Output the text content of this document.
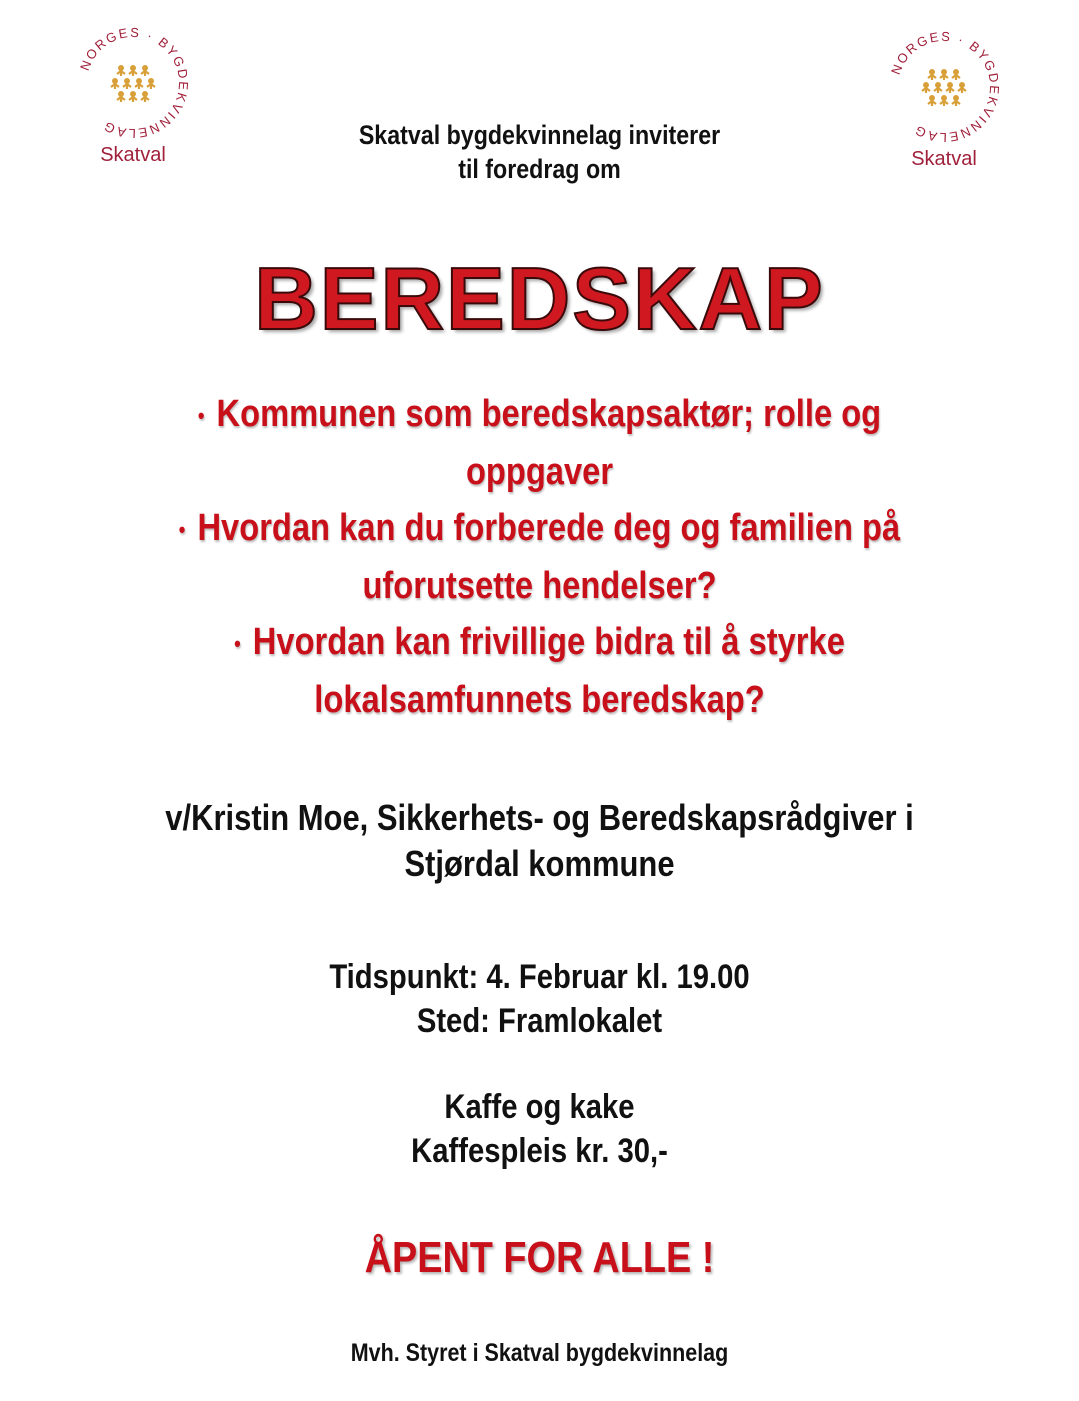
NORGES · BYGDEKVINNELAG
Skatval
NORGES · BYGDEKVINNELAG
Skatval
Skatval bygdekvinnelag inviterer
til foredrag om
BEREDSKAP
• Kommunen som beredskapsaktør; rolle og
oppgaver
• Hvordan kan du forberede deg og familien på
uforutsette hendelser?
• Hvordan kan frivillige bidra til å styrke
lokalsamfunnets beredskap?
v/Kristin Moe, Sikkerhets- og Beredskapsrådgiver i
Stjørdal kommune
Tidspunkt: 4. Februar kl. 19.00
Sted: Framlokalet
Kaffe og kake
Kaffespleis kr. 30,-
ÅPENT FOR ALLE !
Mvh. Styret i Skatval bygdekvinnelag
